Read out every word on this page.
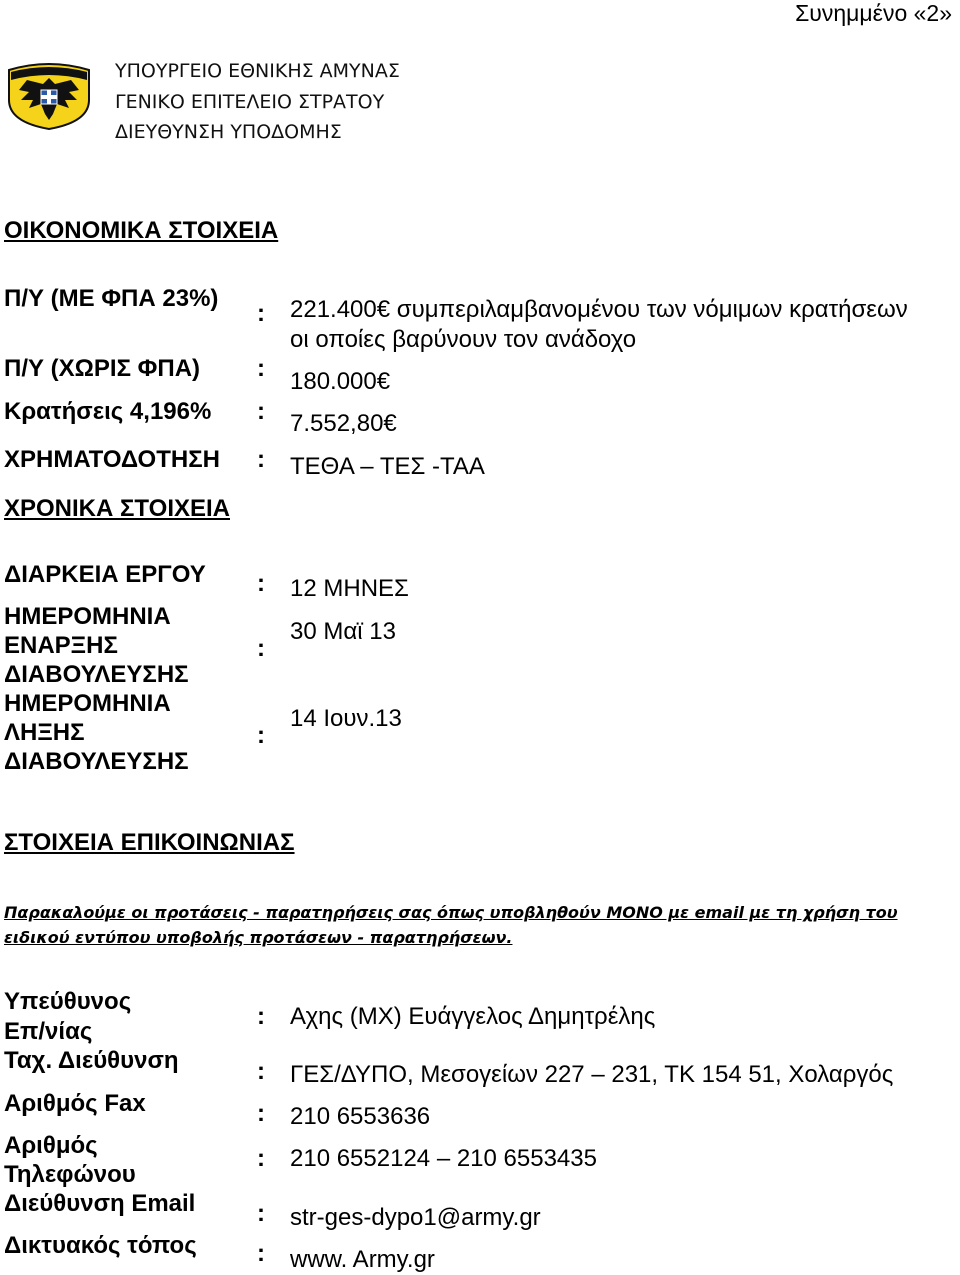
Συνημμένο «2»
ΥΠΟΥΡΓΕΙΟ ΕΘΝΙΚΗΣ ΑΜΥΝΑΣ
ΓΕΝΙΚΟ ΕΠΙΤΕΛΕΙΟ ΣΤΡΑΤΟΥ
ΔΙΕΥΘΥΝΣΗ ΥΠΟΔΟΜΗΣ
ΟΙΚΟΝΟΜΙΚΑ ΣΤΟΙΧΕΙΑ
Π/Υ (ΜΕ ΦΠΑ 23%)
: 221.400€ συμπεριλαμβανομένου των νόμιμων κρατήσεων
οι οποίες βαρύνουν τον ανάδοχο
Π/Υ (ΧΩΡΙΣ ΦΠΑ) : 180.000€
Κρατήσεις 4,196% : 7.552,80€
ΧΡΗΜΑΤΟΔΟΤΗΣΗ : ΤΕΘΑ – ΤΕΣ -ΤΑΑ
ΧΡΟΝΙΚΑ ΣΤΟΙΧΕΙΑ
ΔΙΑΡΚΕΙΑ ΕΡΓΟΥ : 12 ΜΗΝΕΣ
ΗΜΕΡΟΜΗΝΙΑ
ΕΝΑΡΞΗΣ
ΔΙΑΒΟΥΛΕΥΣΗΣ
:
30 Μαϊ 13
ΗΜΕΡΟΜΗΝΙΑ
ΛΗΞΗΣ
ΔΙΑΒΟΥΛΕΥΣΗΣ
:
14 Ιουν.13
ΣΤΟΙΧΕΙΑ ΕΠΙΚΟΙΝΩΝΙΑΣ
Παρακαλούμε οι προτάσεις - παρατηρήσεις σας όπως υποβληθούν ΜΟΝΟ με email με τη χρήση του ειδικού εντύπου υποβολής προτάσεων - παρατηρήσεων.
Υπεύθυνος
Επ/νίας
: Αχης (ΜΧ) Ευάγγελος Δημητρέλης
Ταχ. Διεύθυνση	: ΓΕΣ/ΔΥΠΟ, Μεσογείων 227 – 231, ΤΚ 154 51, Χολαργός
Αριθμός Fax	: 210 6553636
Αριθμός
Τηλεφώνου
: 210 6552124 – 210 6553435
Διεύθυνση Email	: str-ges-dypo1@army.gr
Δικτυακός τόπος	: www. Army.gr
